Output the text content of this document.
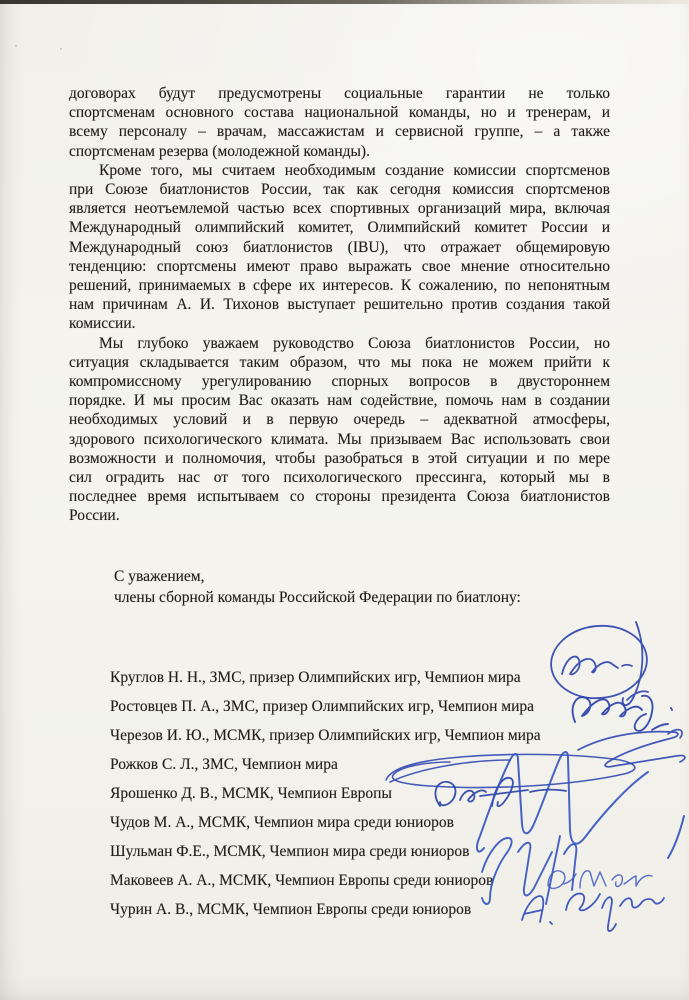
договорах будут предусмотрены социальные гарантии не только
спортсменам основного состава национальной команды, но и тренерам, и
всему персоналу – врачам, массажистам и сервисной группе, – а также
спортсменам резерва (молодежной команды).
Кроме того, мы считаем необходимым создание комиссии спортсменов
при Союзе биатлонистов России, так как сегодня комиссия спортсменов
является неотъемлемой частью всех спортивных организаций мира, включая
Международный олимпийский комитет, Олимпийский комитет России и
Международный союз биатлонистов (IBU), что отражает общемировую
тенденцию: спортсмены имеют право выражать свое мнение относительно
решений, принимаемых в сфере их интересов. К сожалению, по непонятным
нам причинам А. И. Тихонов выступает решительно против создания такой
комиссии.
Мы глубоко уважаем руководство Союза биатлонистов России, но
ситуация складывается таким образом, что мы пока не можем прийти к
компромиссному урегулированию спорных вопросов в двустороннем
порядке. И мы просим Вас оказать нам содействие, помочь нам в создании
необходимых условий и в первую очередь – адекватной атмосферы,
здорового психологического климата. Мы призываем Вас использовать свои
возможности и полномочия, чтобы разобраться в этой ситуации и по мере
сил оградить нас от того психологического прессинга, который мы в
последнее время испытываем со стороны президента Союза биатлонистов
России.
С уважением,
члены сборной команды Российской Федерации по биатлону:
Круглов Н. Н., ЗМС, призер Олимпийских игр, Чемпион мира
Ростовцев П. А., ЗМС, призер Олимпийских игр, Чемпион мира
Черезов И. Ю., МСМК, призер Олимпийских игр, Чемпион мира
Рожков С. Л., ЗМС, Чемпион мира
Ярошенко Д. В., МСМК, Чемпион Европы
Чудов М. А., МСМК, Чемпион мира среди юниоров
Шульман Ф.Е., МСМК, Чемпион мира среди юниоров
Маковеев А. А., МСМК, Чемпион Европы среди юниоров
Чурин А. В., МСМК, Чемпион Европы среди юниоров
